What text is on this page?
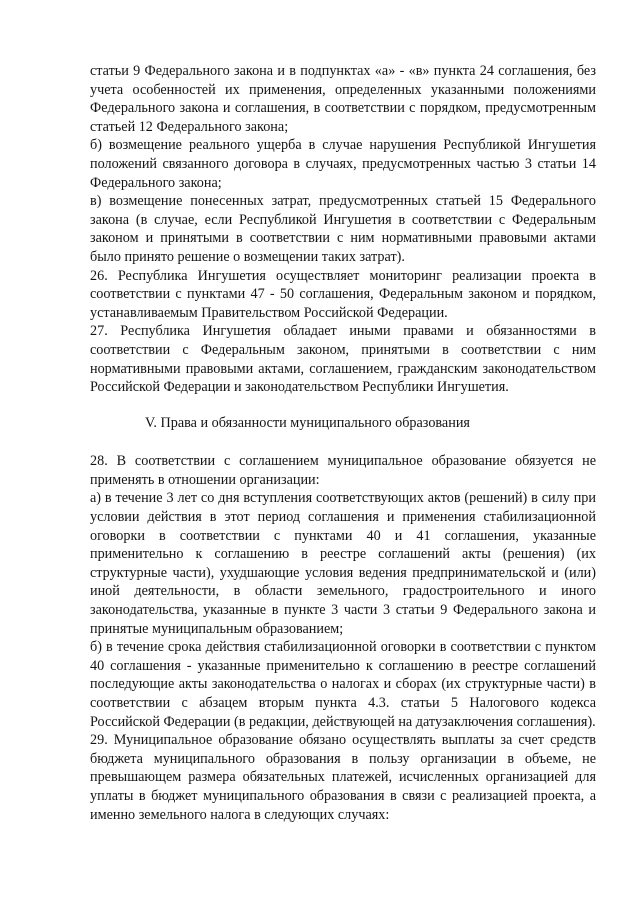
статьи 9 Федерального закона и в подпунктах «а» - «в» пункта 24 соглашения, без учета особенностей их применения, определенных указанными положениями Федерального закона и соглашения, в соответствии с порядком, предусмотренным статьей 12 Федерального закона;

б) возмещение реального ущерба в случае нарушения Республикой Ингушетия положений связанного договора в случаях, предусмотренных частью 3 статьи 14 Федерального закона;

в) возмещение понесенных затрат, предусмотренных статьей 15 Федерального закона (в случае, если Республикой Ингушетия в соответствии с Федеральным законом и принятыми в соответствии с ним нормативными правовыми актами было принято решение о возмещении таких затрат).

26. Республика Ингушетия осуществляет мониторинг реализации проекта в соответствии с пунктами 47 - 50 соглашения, Федеральным законом и порядком, устанавливаемым Правительством Российской Федерации.

27. Республика Ингушетия обладает иными правами и обязанностями в соответствии с Федеральным законом, принятыми в соответствии с ним нормативными правовыми актами, соглашением, гражданским законодательством Российской Федерации и законодательством Республики Ингушетия.

V. Права и обязанности муниципального образования

28. В соответствии с соглашением муниципальное образование обязуется не применять в отношении организации:

а) в течение 3 лет со дня вступления соответствующих актов (решений) в силу при условии действия в этот период соглашения и применения стабилизационной оговорки в соответствии с пунктами 40 и 41 соглашения, указанные применительно к соглашению в реестре соглашений акты (решения) (их структурные части), ухудшающие условия ведения предпринимательской и (или) иной деятельности, в области земельного, градостроительного и иного законодательства, указанные в пункте 3 части 3 статьи 9 Федерального закона и принятые муниципальным образованием;

б) в течение срока действия стабилизационной оговорки в соответствии с пунктом 40 соглашения - указанные применительно к соглашению в реестре соглашений последующие акты законодательства о налогах и сборах (их структурные части) в соответствии с абзацем вторым пункта 4.3. статьи 5 Налогового кодекса Российской Федерации (в редакции, действующей на датузаключения соглашения).

29. Муниципальное образование обязано осуществлять выплаты за счет средств бюджета муниципального образования в пользу организации в объеме, не превышающем размера обязательных платежей, исчисленных организацией для уплаты в бюджет муниципального образования в связи с реализацией проекта, а именно земельного налога в следующих случаях:
